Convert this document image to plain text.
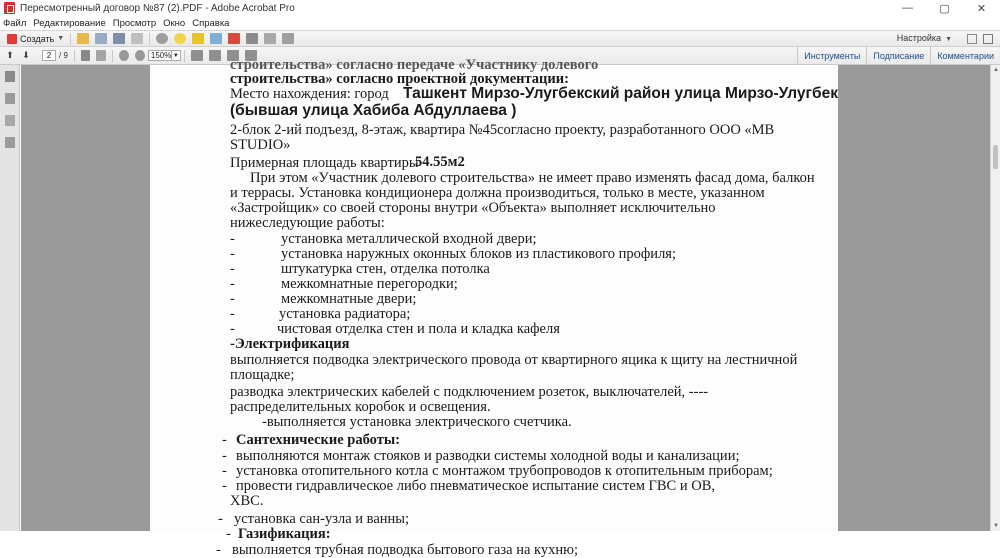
Пересмотренный договор №87 (2).PDF - Adobe Acrobat Pro	—	▢	✕
Файл Редактирование Просмотр Окно Справка
Создать ▼	Настройка ▼
⬆ ⬇	2 / 9	150% ▼	Инструменты	Подписание	Комментарии
строительства» согласно передаче «Участнику долевого
строительства» согласно проектной документации:
Место нахождения: город Ташкент Мирзо-Улугбекский район улица Мирзо-Улугбек
(бывшая улица Хабиба Абдуллаева )
2-блок 2-ий подъезд, 8-этаж, квартира №45согласно проекту, разработанного ООО «МВ
STUDIO»
Примерная площадь квартиры
54.55м2
При этом «Участник долевого строительства» не имеет право изменять фасад дома, балкон
и террасы. Установка кондиционера должна производиться, только в месте, указанном
«Застройщик» со своей стороны внутри «Объекта» выполняет исключительно
нижеследующие работы:
-	установка металлической входной двери;
-	установка наружных оконных блоков из пластикового профиля;
-	штукатурка стен, отделка потолка
-	межкомнатные перегородки;
-	межкомнатные двери;
-	установка радиатора;
-	чистовая отделка стен и пола и кладка кафеля
-Электрификация
выполняется подводка электрического провода от квартирного яцика к щиту на лестничной
площадке;
разводка электрических кабелей с подключением розеток, выключателей, ----
распределительных коробок и освещения.
-выполняется установка электрического счетчика.
- Сантехнические работы:
- выполняются монтаж стояков и разводки системы холодной воды и канализации;
- установка отопительного котла с монтажом трубопроводов к отопительным приборам;
- провести гидравлическое либо пневматическое испытание систем ГВС и ОВ,
ХВС.
- установка сан-узла и ванны;
- Газификация:
- выполняется трубная подводка бытового газа на кухню;
▲
▼
